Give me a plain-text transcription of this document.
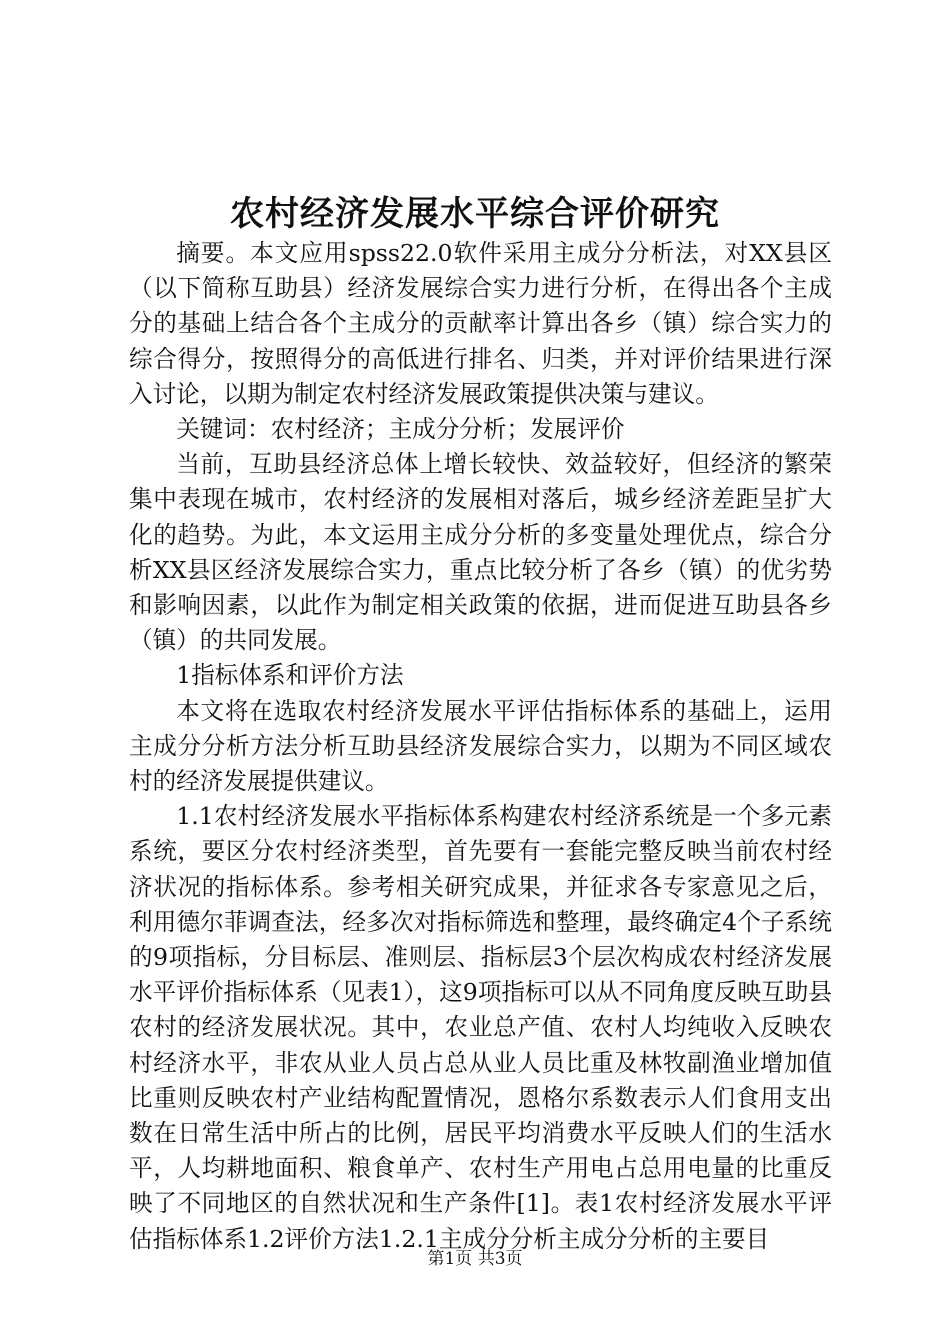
农村经济发展水平综合评价研究

摘要。本文应用spss22.0软件采用主成分分析法，对XX县区（以下简称互助县）经济发展综合实力进行分析，在得出各个主成分的基础上结合各个主成分的贡献率计算出各乡（镇）综合实力的综合得分，按照得分的高低进行排名、归类，并对评价结果进行深入讨论，以期为制定农村经济发展政策提供决策与建议。

关键词：农村经济；主成分分析；发展评价

当前，互助县经济总体上增长较快、效益较好，但经济的繁荣集中表现在城市，农村经济的发展相对落后，城乡经济差距呈扩大化的趋势。为此，本文运用主成分分析的多变量处理优点，综合分析XX县区经济发展综合实力，重点比较分析了各乡（镇）的优劣势和影响因素，以此作为制定相关政策的依据，进而促进互助县各乡（镇）的共同发展。

1指标体系和评价方法

本文将在选取农村经济发展水平评估指标体系的基础上，运用主成分分析方法分析互助县经济发展综合实力，以期为不同区域农村的经济发展提供建议。

1.1农村经济发展水平指标体系构建农村经济系统是一个多元素系统，要区分农村经济类型，首先要有一套能完整反映当前农村经济状况的指标体系。参考相关研究成果，并征求各专家意见之后，利用德尔菲调查法，经多次对指标筛选和整理，最终确定4个子系统的9项指标，分目标层、准则层、指标层3个层次构成农村经济发展水平评价指标体系（见表1），这9项指标可以从不同角度反映互助县农村的经济发展状况。其中，农业总产值、农村人均纯收入反映农村经济水平，非农从业人员占总从业人员比重及林牧副渔业增加值比重则反映农村产业结构配置情况，恩格尔系数表示人们食用支出数在日常生活中所占的比例，居民平均消费水平反映人们的生活水平，人均耕地面积、粮食单产、农村生产用电占总用电量的比重反映了不同地区的自然状况和生产条件[1]。表1农村经济发展水平评估指标体系1.2评价方法1.2.1主成分分析主成分分析的主要目

第1页 共3页
